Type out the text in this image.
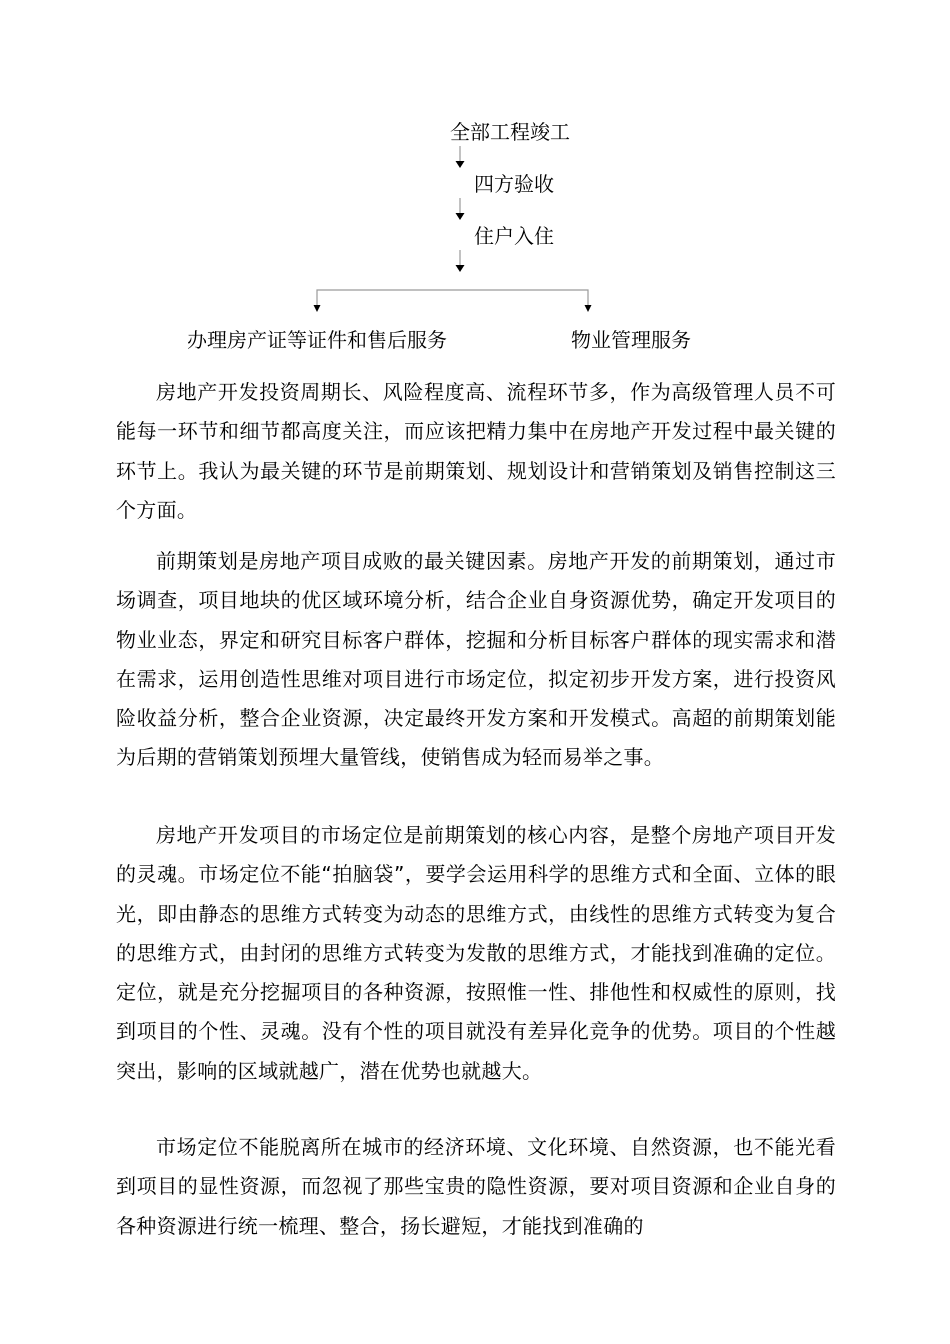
全部工程竣工
四方验收
住户入住
办理房产证等证件和售后服务	物业管理服务

房地产开发投资周期长、风险程度高、流程环节多，作为高级管理人员不可能每一环节和细节都高度关注，而应该把精力集中在房地产开发过程中最关键的环节上。我认为最关键的环节是前期策划、规划设计和营销策划及销售控制这三个方面。

前期策划是房地产项目成败的最关键因素。房地产开发的前期策划，通过市场调查，项目地块的优区域环境分析，结合企业自身资源优势，确定开发项目的物业业态，界定和研究目标客户群体，挖掘和分析目标客户群体的现实需求和潜在需求，运用创造性思维对项目进行市场定位，拟定初步开发方案，进行投资风险收益分析，整合企业资源，决定最终开发方案和开发模式。高超的前期策划能为后期的营销策划预埋大量管线，使销售成为轻而易举之事。

房地产开发项目的市场定位是前期策划的核心内容，是整个房地产项目开发的灵魂。市场定位不能“拍脑袋”，要学会运用科学的思维方式和全面、立体的眼光，即由静态的思维方式转变为动态的思维方式，由线性的思维方式转变为复合的思维方式，由封闭的思维方式转变为发散的思维方式，才能找到准确的定位。定位，就是充分挖掘项目的各种资源，按照惟一性、排他性和权威性的原则，找到项目的个性、灵魂。没有个性的项目就没有差异化竞争的优势。项目的个性越突出，影响的区域就越广，潜在优势也就越大。

市场定位不能脱离所在城市的经济环境、文化环境、自然资源，也不能光看到项目的显性资源，而忽视了那些宝贵的隐性资源，要对项目资源和企业自身的各种资源进行统一梳理、整合，扬长避短，才能找到准确的
